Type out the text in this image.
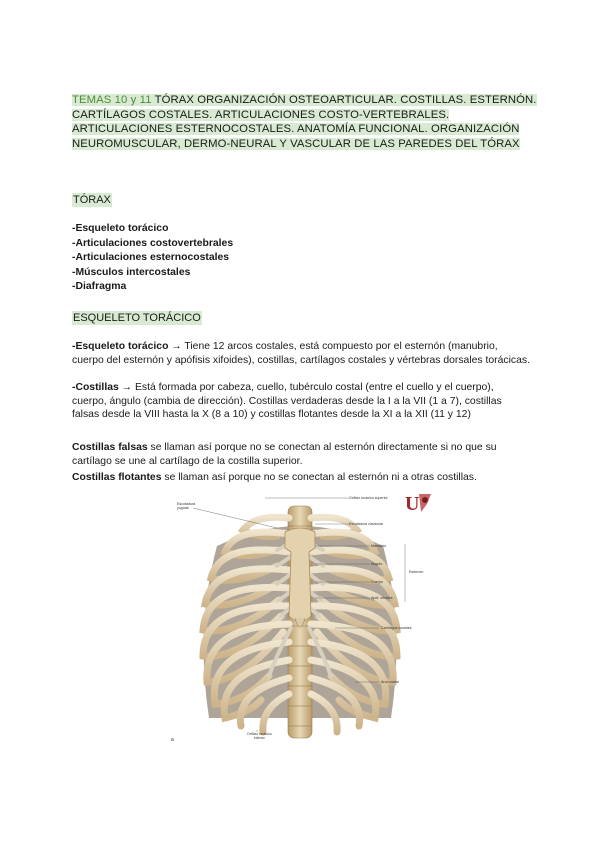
TEMAS 10 y 11 TÓRAX ORGANIZACIÓN OSTEOARTICULAR. COSTILLAS. ESTERNÓN. CARTÍLAGOS COSTALES. ARTICULACIONES COSTO-VERTEBRALES. ARTICULACIONES ESTERNOCOSTALES. ANATOMÍA FUNCIONAL. ORGANIZACIÓN NEUROMUSCULAR, DERMO-NEURAL Y VASCULAR DE LAS PAREDES DEL TÓRAX
TÓRAX
-Esqueleto torácico
-Articulaciones costovertebrales
-Articulaciones esternocostales
-Músculos intercostales
-Diafragma
ESQUELETO TORÁCICO
-Esqueleto torácico → Tiene 12 arcos costales, está compuesto por el esternón (manubrio, cuerpo del esternón y apófisis xifoides), costillas, cartílagos costales y vértebras dorsales torácicas.
-Costillas → Está formada por cabeza, cuello, tubérculo costal (entre el cuello y el cuerpo), cuerpo, ángulo (cambia de dirección). Costillas verdaderas desde la I a la VII (1 a 7), costillas falsas desde la VIII hasta la X (8 a 10) y costillas flotantes desde la XI a la XII (11 y 12)
Costillas falsas se llaman así porque no se conectan al esternón directamente si no que su cartílago se une al cartílago de la costilla superior.
Costillas flotantes se llaman así porque no se conectan al esternón ni a otras costillas.
U
Escotadura
yugular
Orificio torácico superior
Escotadura clavicular
Manubrio
Ángulo
Cuerpo
Apóf. xifoides
Esternón
Cartílagos costales
Arco costal
Orificio torácico
inferior
a
